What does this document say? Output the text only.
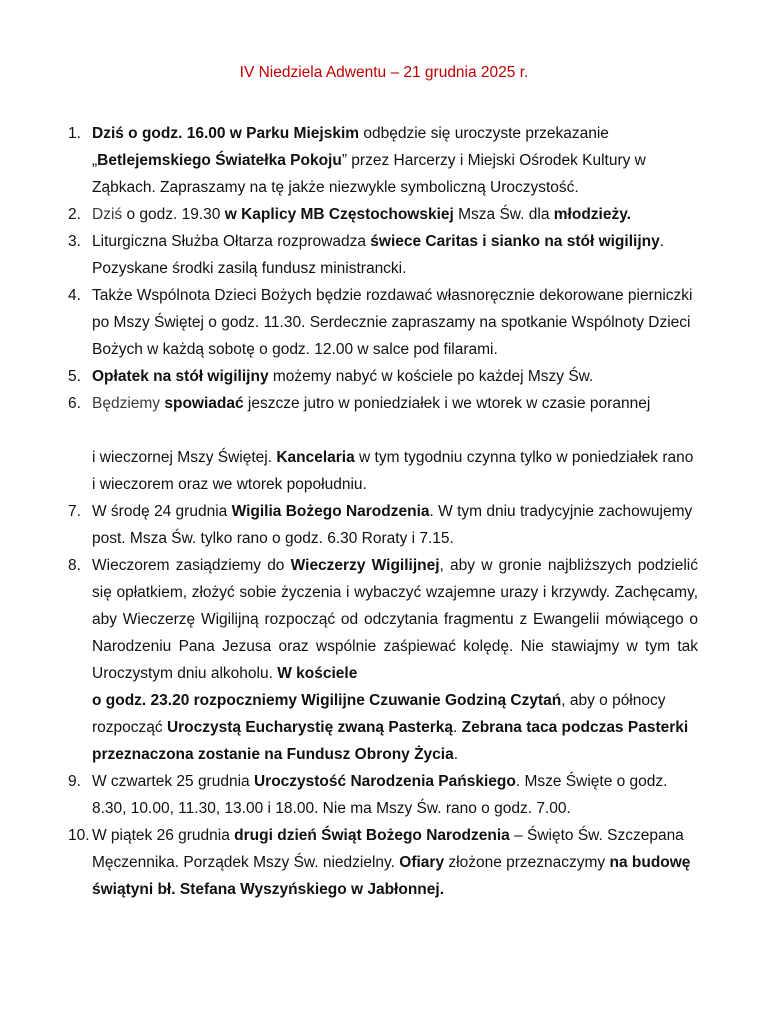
IV Niedziela Adwentu – 21 grudnia 2025 r.
1. Dziś o godz. 16.00 w Parku Miejskim odbędzie się uroczyste przekazanie „Betlejemskiego Światełka Pokoju” przez Harcerzy i Miejski Ośrodek Kultury w Ząbkach. Zapraszamy na tę jakże niezwykle symboliczną Uroczystość.

2. Dziś o godz. 19.30 w Kaplicy MB Częstochowskiej Msza Św. dla młodzieży.

3. Liturgiczna Służba Ołtarza rozprowadza świece Caritas i sianko na stół wigilijny. Pozyskane środki zasilą fundusz ministrancki.

4. Także Wspólnota Dzieci Bożych będzie rozdawać własnoręcznie dekorowane pierniczki po Mszy Świętej o godz. 11.30. Serdecznie zapraszamy na spotkanie Wspólnoty Dzieci Bożych w każdą sobotę o godz. 12.00 w salce pod filarami.

5. Opłatek na stół wigilijny możemy nabyć w kościele po każdej Mszy Św.

6. Będziemy spowiadać jeszcze jutro w poniedziałek i we wtorek w czasie porannej

i wieczornej Mszy Świętej. Kancelaria w tym tygodniu czynna tylko w poniedziałek rano i wieczorem oraz we wtorek popołudniu.

7. W środę 24 grudnia Wigilia Bożego Narodzenia. W tym dniu tradycyjnie zachowujemy post. Msza Św. tylko rano o godz. 6.30 Roraty i 7.15.

8. Wieczorem zasiądziemy do Wieczerzy Wigilijnej, aby w gronie najbliższych podzielić się opłatkiem, złożyć sobie życzenia i wybaczyć wzajemne urazy i krzywdy. Zachęcamy, aby Wieczerzę Wigilijną rozpocząć od odczytania fragmentu z Ewangelii mówiącego o Narodzeniu Pana Jezusa oraz wspólnie zaśpiewać kolędę. Nie stawiajmy w tym tak Uroczystym dniu alkoholu. W kościele

o godz. 23.20 rozpoczniemy Wigilijne Czuwanie Godziną Czytań, aby o północy rozpocząć Uroczystą Eucharystię zwaną Pasterką. Zebrana taca podczas Pasterki przeznaczona zostanie na Fundusz Obrony Życia.

9. W czwartek 25 grudnia Uroczystość Narodzenia Pańskiego. Msze Święte o godz. 8.30, 10.00, 11.30, 13.00 i 18.00. Nie ma Mszy Św. rano o godz. 7.00.

10. W piątek 26 grudnia drugi dzień Świąt Bożego Narodzenia – Święto Św. Szczepana Męczennika. Porządek Mszy Św. niedzielny. Ofiary złożone przeznaczymy na budowę świątyni bł. Stefana Wyszyńskiego w Jabłonnej.
